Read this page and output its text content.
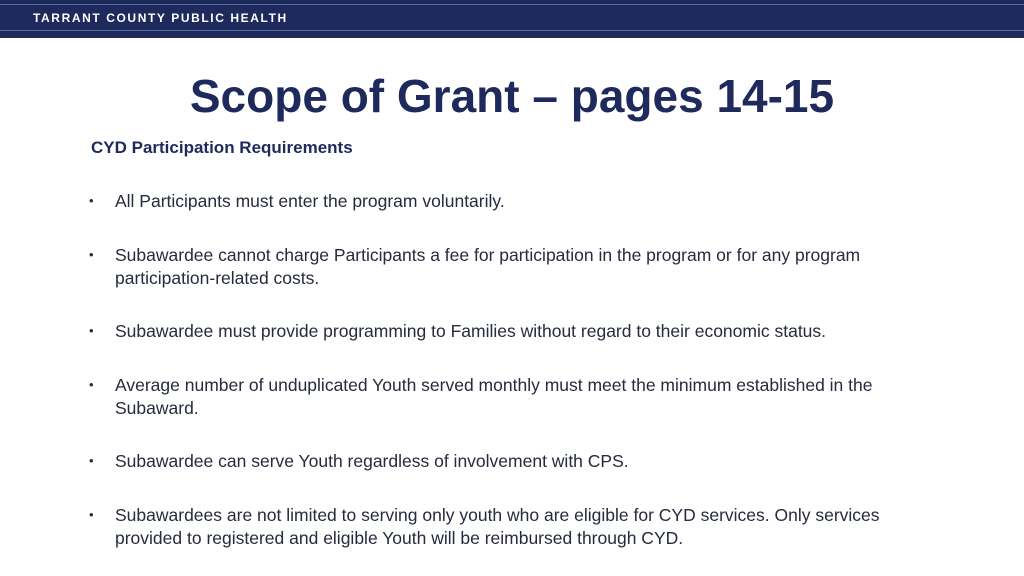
TARRANT COUNTY PUBLIC HEALTH
Scope of Grant – pages 14-15
CYD Participation Requirements
•	All Participants must enter the program voluntarily.
•	Subawardee cannot charge Participants a fee for participation in the program or for any program participation-related costs.
•	Subawardee must provide programming to Families without regard to their economic status.
•	Average number of unduplicated Youth served monthly must meet the minimum established in the Subaward.
•	Subawardee can serve Youth regardless of involvement with CPS.
•	Subawardees are not limited to serving only youth who are eligible for CYD services. Only services provided to registered and eligible Youth will be reimbursed through CYD.
